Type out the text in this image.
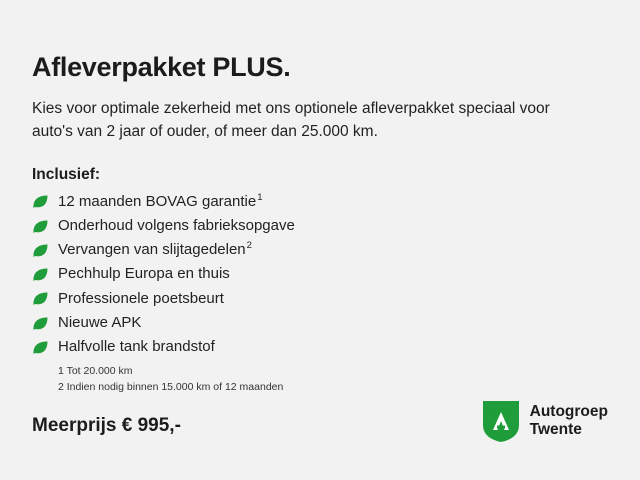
Afleverpakket PLUS.

Kies voor optimale zekerheid met ons optionele afleverpakket speciaal voor auto's van 2 jaar of ouder, of meer dan 25.000 km.

Inclusief:
12 maanden BOVAG garantie$^1$
Onderhoud volgens fabrieksopgave
Vervangen van slijtagedelen$^2$
Pechhulp Europa en thuis
Professionele poetsbeurt
Nieuwe APK
Halfvolle tank brandstof
1 Tot 20.000 km
2 Indien nodig binnen 15.000 km of 12 maanden
Meerprijs € 995,-
Autogroep
Twente
